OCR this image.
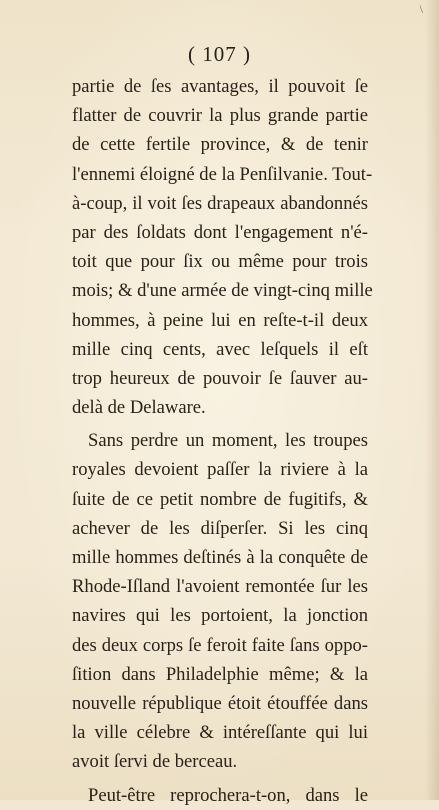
\
( 107 )
partie de ſes avantages, il pouvoit ſe
flatter de couvrir la plus grande partie
de cette fertile province, & de tenir
l'ennemi éloigné de la Penſilvanie. Tout-
à-coup, il voit ſes drapeaux abandonnés
par des ſoldats dont l'engagement n'é-
toit que pour ſix ou même pour trois
mois; & d'une armée de vingt-cinq mille
hommes, à peine lui en reſte-t-il deux
mille cinq cents, avec leſquels il eſt
trop heureux de pouvoir ſe ſauver au-
delà de Delaware.
Sans perdre un moment, les troupes
royales devoient paſſer la riviere à la
ſuite de ce petit nombre de fugitifs, &
achever de les diſperſer. Si les cinq
mille hommes deſtinés à la conquête de
Rhode-Iſland l'avoient remontée ſur les
navires qui les portoient, la jonction
des deux corps ſe feroit faite ſans oppo-
ſition dans Philadelphie même; & la
nouvelle république étoit étouffée dans
la ville célebre & intéreſſante qui lui
avoit ſervi de berceau.
Peut-être reprochera-t-on, dans le
